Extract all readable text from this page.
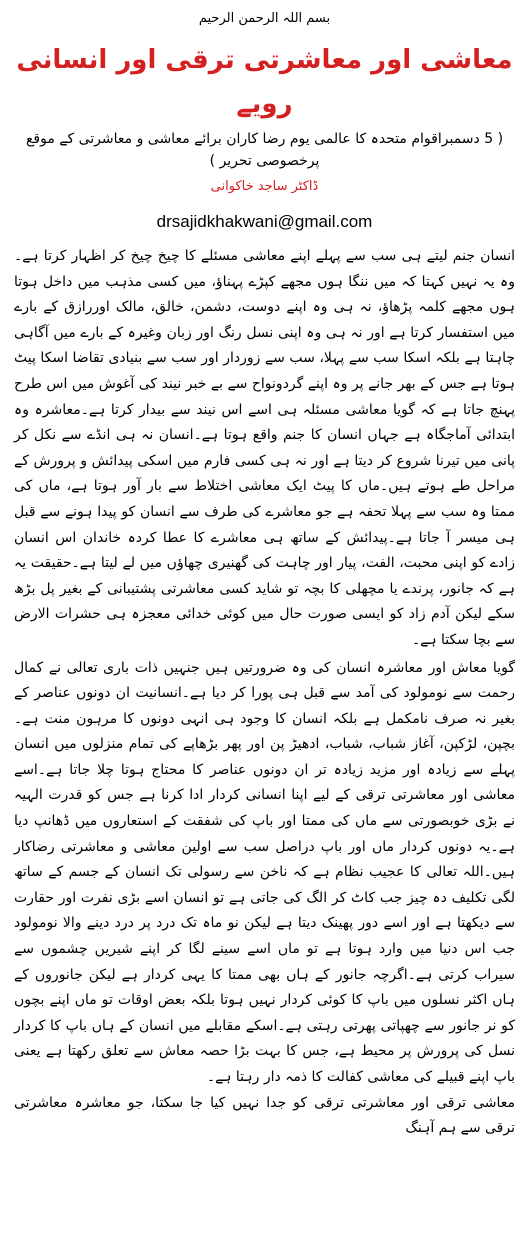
بسم اللہ الرحمن الرحیم

معاشی اور معاشرتی ترقی اور انسانی رویے

( 5 دسمبراقوام متحدہ کا عالمی یوم رضا کاران برائے معاشی و معاشرتی کے موقع پرخصوصی تحریر )

ڈاکٹر ساجد خاکوانی

drsajidkhakwani@gmail.com

انسان جنم لیتے ہی سب سے پہلے اپنے معاشی مسئلے کا چیخ چیخ کر اظہار کرتا ہے۔وہ یہ نہیں کہتا کہ میں ننگا ہوں مجھے کپڑے پہناؤ، میں کسی مذہب میں داخل ہوتا ہوں مجھے کلمہ پڑھاؤ، نہ ہی وہ اپنے دوست، دشمن، خالق، مالک اوررازق کے بارے میں استفسار کرتا ہے اور نہ ہی وہ اپنی نسل رنگ اور زبان وغیرہ کے بارے میں آگاہی چاہتا ہے بلکہ اسکا سب سے پہلا، سب سے زوردار اور سب سے بنیادی تقاضا اسکا پیٹ ہوتا ہے جس کے بھر جانے پر وہ اپنے گردونواح سے بے خبر نیند کی آغوش میں اس طرح پہنچ جاتا ہے کہ گویا معاشی مسئلہ ہی اسے اس نیند سے بیدار کرتا ہے۔معاشرہ وہ ابتدائی آماجگاہ ہے جہاں انسان کا جنم واقع ہوتا ہے۔انسان نہ ہی انڈے سے نکل کر پانی میں تیرنا شروع کر دیتا ہے اور نہ ہی کسی فارم میں اسکی پیدائش و پرورش کے مراحل طے ہوتے ہیں۔ماں کا پیٹ ایک معاشی اختلاط سے بار آور ہوتا ہے، ماں کی ممتا وہ سب سے پہلا تحفہ ہے جو معاشرے کی طرف سے انسان کو پیدا ہونے سے قبل ہی میسر آ جاتا ہے۔پیدائش کے ساتھ ہی معاشرے کا عطا کردہ خاندان اس انسان زادے کو اپنی محبت، الفت، پیار اور چاہت کی گھنیری چھاؤں میں لے لیتا ہے۔حقیقت یہ ہے کہ جانور، پرندے یا مچھلی کا بچہ تو شاید کسی معاشرتی پشتیبانی کے بغیر پل بڑھ سکے لیکن آدم زاد کو ایسی صورت حال میں کوئی خدائی معجزہ ہی حشرات الارض سے بچا سکتا ہے۔

گویا معاش اور معاشرہ انسان کی وہ ضرورتیں ہیں جنہیں ذات باری تعالی نے کمال رحمت سے نومولود کی آمد سے قبل ہی پورا کر دیا ہے۔انسانیت ان دونوں عناصر کے بغیر نہ صرف نامکمل ہے بلکہ انسان کا وجود ہی انہی دونوں کا مرہون منت ہے۔بچپن، لڑکپن، آغاز شباب، شباب، ادھیڑ پن اور پھر بڑھاپے کی تمام منزلوں میں انسان پہلے سے زیادہ اور مزید زیادہ تر ان دونوں عناصر کا محتاج ہوتا چلا جاتا ہے۔اسے معاشی اور معاشرتی ترقی کے لیے اپنا انسانی کردار ادا کرنا ہے جس کو قدرت الہیہ نے بڑی خوبصورتی سے ماں کی ممتا اور باپ کی شفقت کے استعاروں میں ڈھانپ دیا ہے۔یہ دونوں کردار ماں اور باپ دراصل سب سے اولین معاشی و معاشرتی رضاکار ہیں۔اللہ تعالی کا عجیب نظام ہے کہ ناخن سے رسولی تک انسان کے جسم کے ساتھ لگی تکلیف دہ چیز جب کاٹ کر الگ کی جاتی ہے تو انسان اسے بڑی نفرت اور حقارت سے دیکھتا ہے اور اسے دور پھینک دیتا ہے لیکن نو ماہ تک درد پر درد دینے والا نومولود جب اس دنیا میں وارد ہوتا ہے تو ماں اسے سینے لگا کر اپنے شیریں چشموں سے سیراب کرتی ہے۔اگرچہ جانور کے ہاں بھی ممتا کا یہی کردار ہے لیکن جانوروں کے ہاں اکثر نسلوں میں باپ کا کوئی کردار نہیں ہوتا بلکہ بعض اوقات تو ماں اپنے بچوں کو نر جانور سے چھپاتی پھرتی رہتی ہے۔اسکے مقابلے میں انسان کے ہاں باپ کا کردار نسل کی پرورش پر محیط ہے، جس کا بہت بڑا حصہ معاش سے تعلق رکھتا ہے یعنی باپ اپنے قبیلے کی معاشی کفالت کا ذمہ دار رہتا ہے۔

معاشی ترقی اور معاشرتی ترقی کو جدا نہیں کیا جا سکتا، جو معاشرہ معاشرتی ترقی سے ہم آہنگ
